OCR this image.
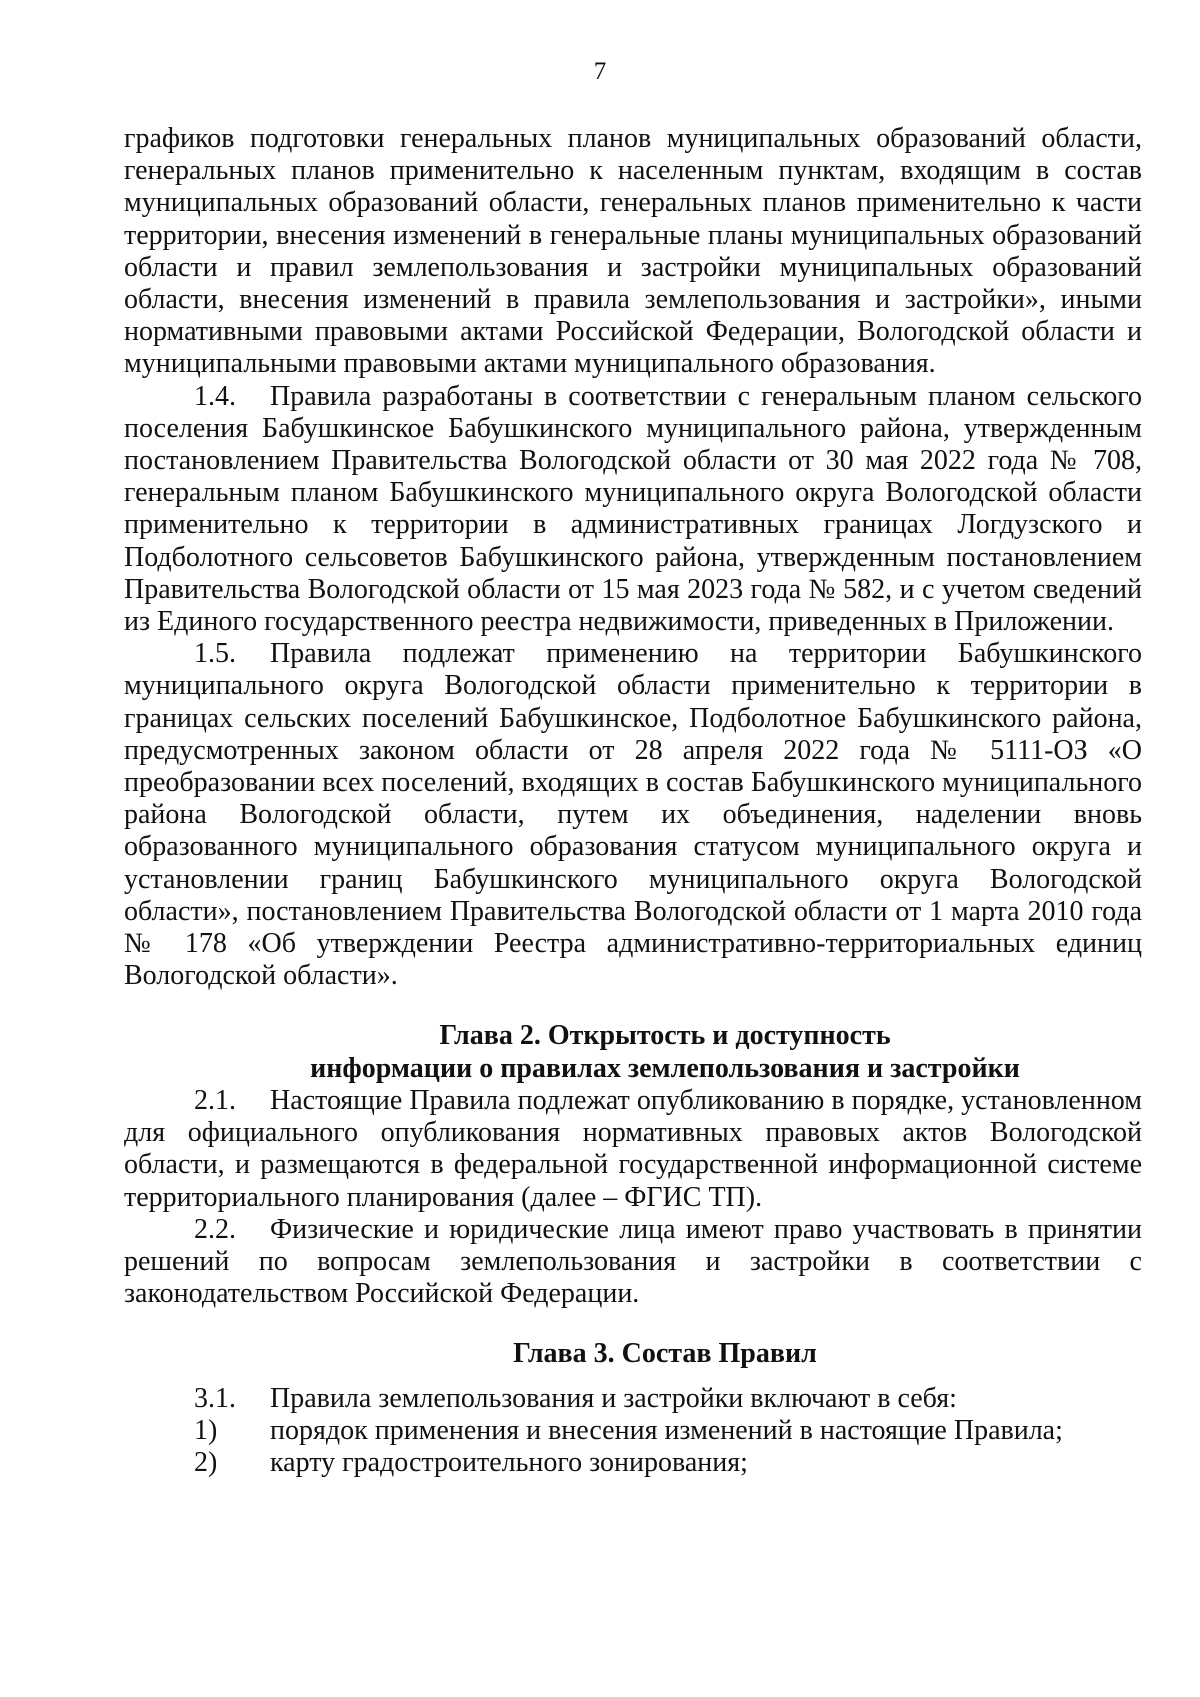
7

графиков подготовки генеральных планов муниципальных образований области, генеральных планов применительно к населенным пунктам, входящим в состав муниципальных образований области, генеральных планов применительно к части территории, внесения изменений в генеральные планы муниципальных образований области и правил землепользования и застройки муниципальных образований области, внесения изменений в правила землепользования и застройки», иными нормативными правовыми актами Российской Федерации, Вологодской области и муниципальными правовыми актами муниципального образования.

1.4. Правила разработаны в соответствии с генеральным планом сельского поселения Бабушкинское Бабушкинского муниципального района, утвержденным постановлением Правительства Вологодской области от 30 мая 2022 года № 708, генеральным планом Бабушкинского муниципального округа Вологодской области применительно к территории в административных границах Логдузского и Подболотного сельсоветов Бабушкинского района, утвержденным постановлением Правительства Вологодской области от 15 мая 2023 года № 582, и с учетом сведений из Единого государственного реестра недвижимости, приведенных в Приложении.

1.5. Правила подлежат применению на территории Бабушкинского муниципального округа Вологодской области применительно к территории в границах сельских поселений Бабушкинское, Подболотное Бабушкинского района, предусмотренных законом области от 28 апреля 2022 года № 5111-ОЗ «О преобразовании всех поселений, входящих в состав Бабушкинского муниципального района Вологодской области, путем их объединения, наделении вновь образованного муниципального образования статусом муниципального округа и установлении границ Бабушкинского муниципального округа Вологодской области», постановлением Правительства Вологодской области от 1 марта 2010 года № 178 «Об утверждении Реестра административно-территориальных единиц Вологодской области».

Глава 2. Открытость и доступность
информации о правилах землепользования и застройки

2.1. Настоящие Правила подлежат опубликованию в порядке, установленном для официального опубликования нормативных правовых актов Вологодской области, и размещаются в федеральной государственной информационной системе территориального планирования (далее – ФГИС ТП).

2.2. Физические и юридические лица имеют право участвовать в принятии решений по вопросам землепользования и застройки в соответствии с законодательством Российской Федерации.

Глава 3. Состав Правил
3.1. Правила землепользования и застройки включают в себя:
1) порядок применения и внесения изменений в настоящие Правила;
2) карту градостроительного зонирования;
